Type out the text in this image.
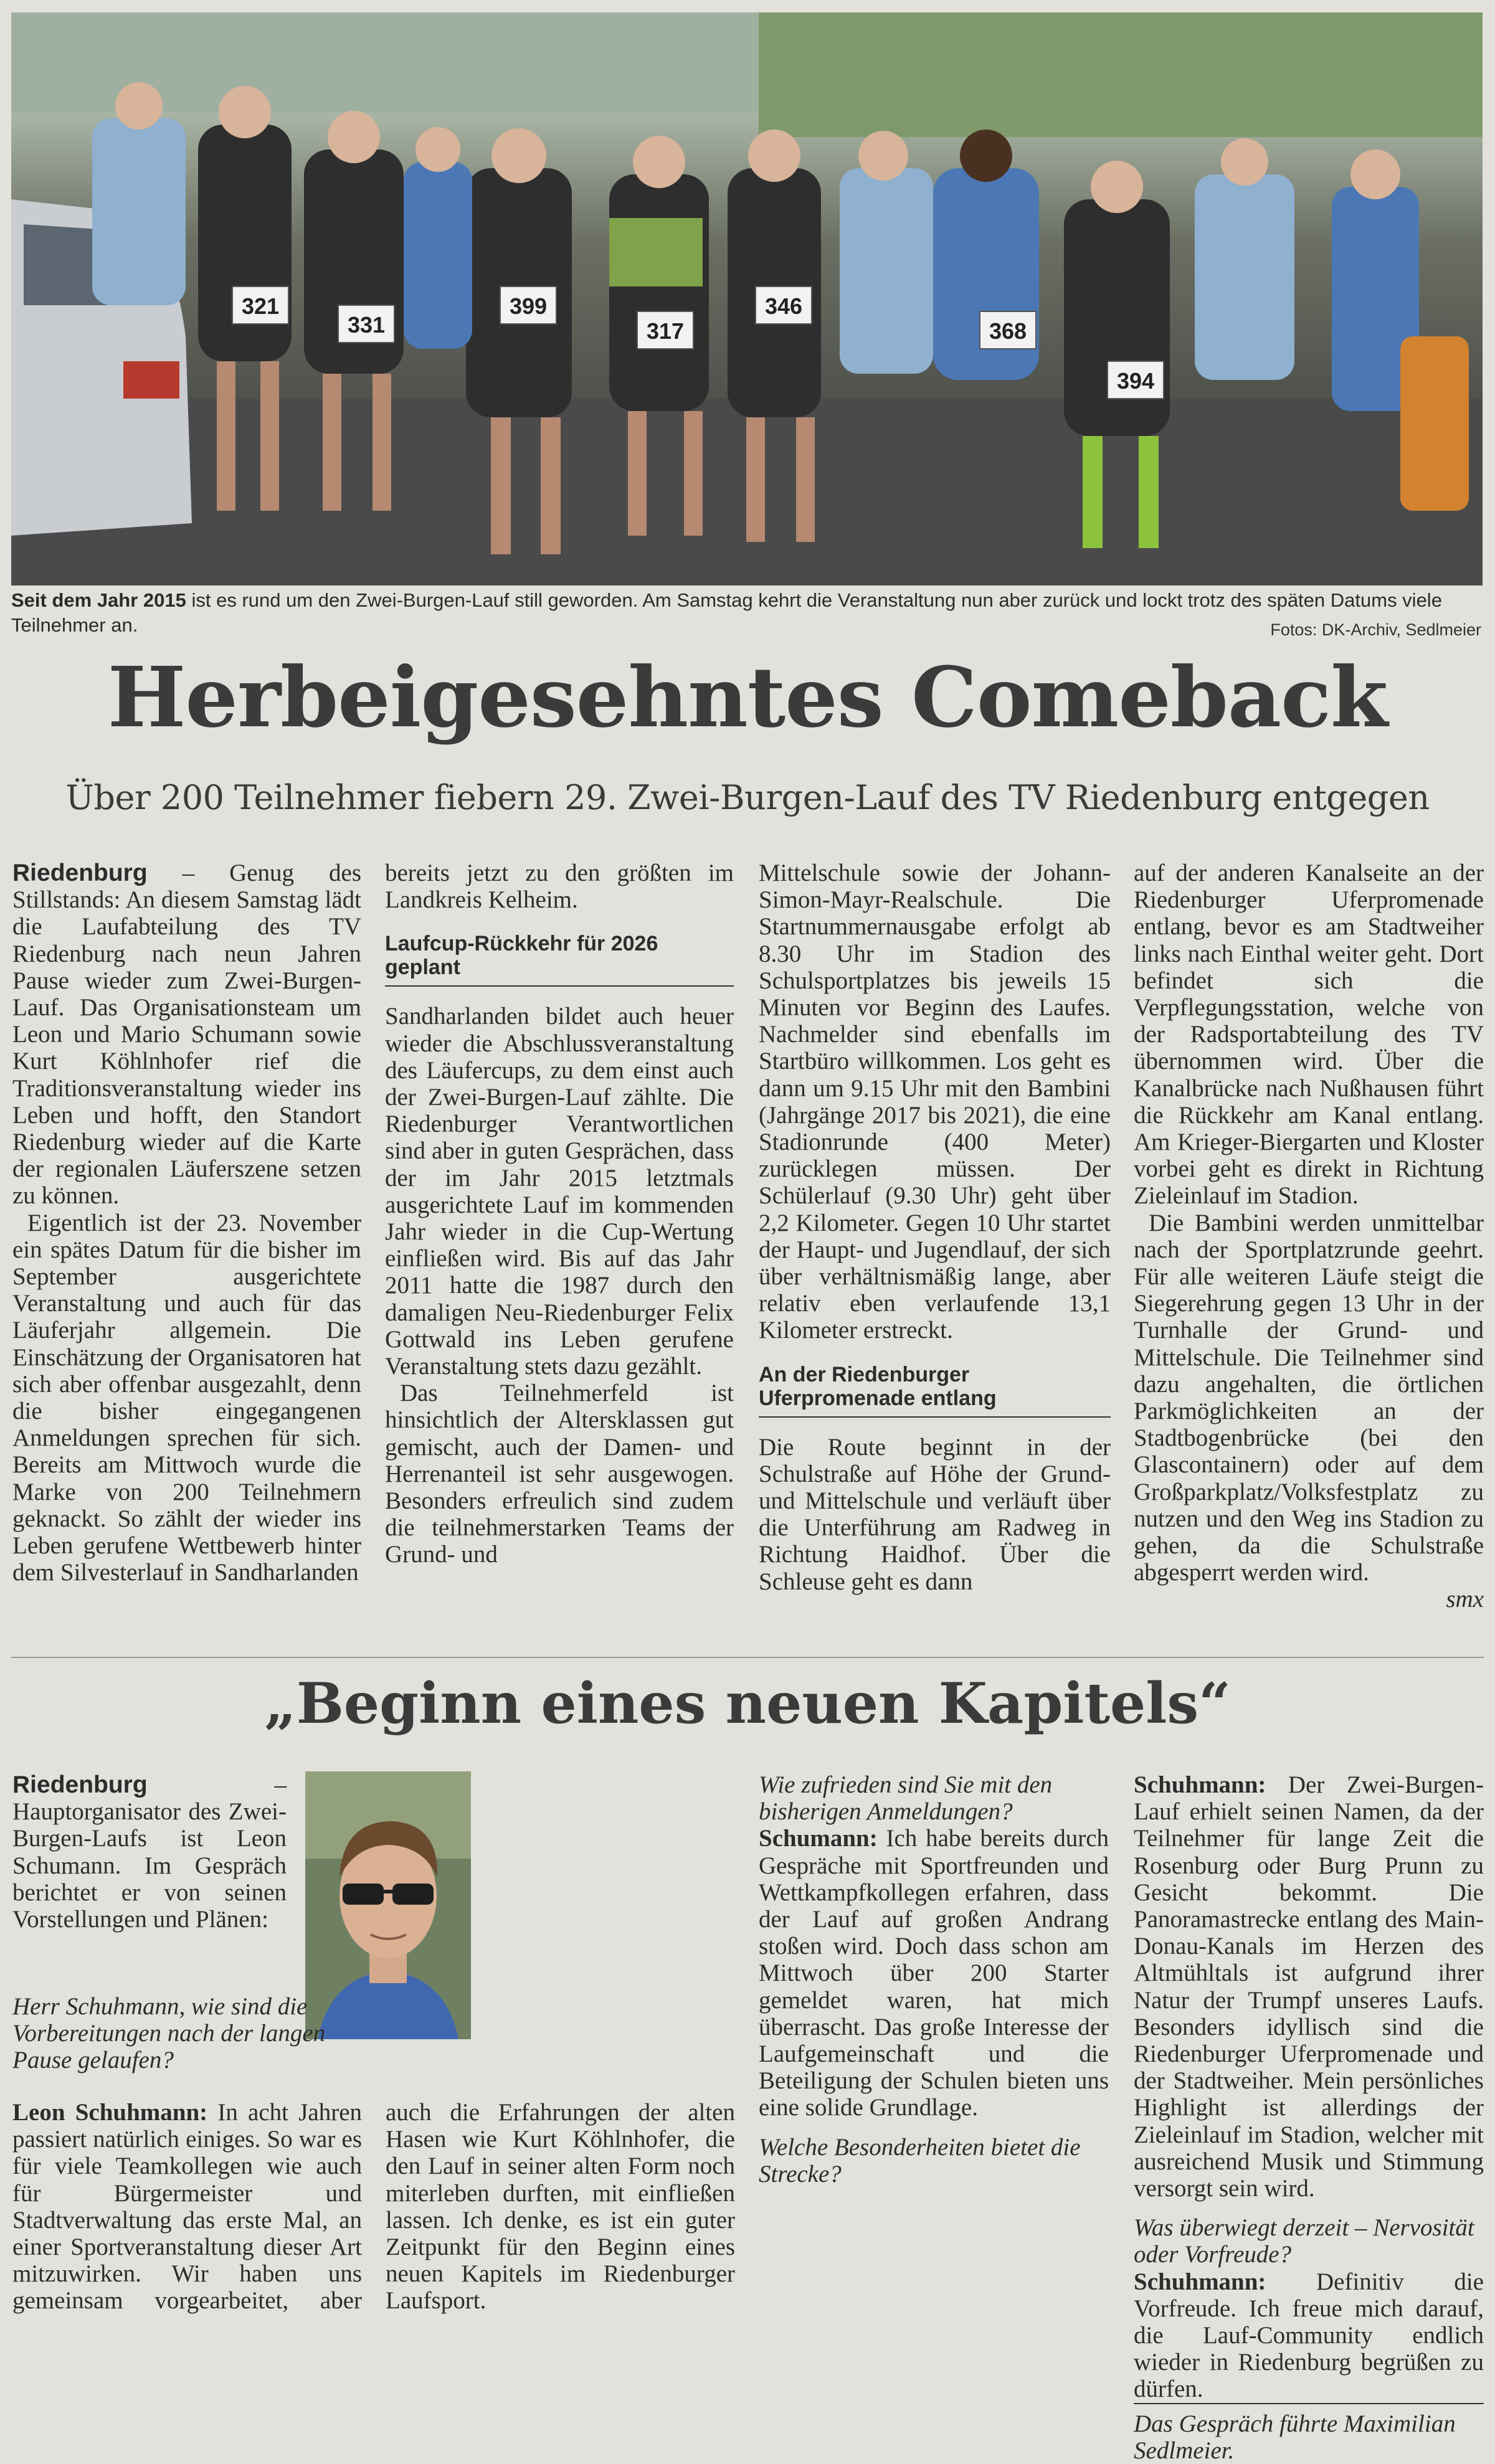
321
331
399
317
346
368
394
Seit dem Jahr 2015 ist es rund um den Zwei-Burgen-Lauf still geworden. Am Samstag kehrt die Veranstaltung nun aber zurück und lockt trotz des späten Datums viele Teilnehmer an.	Fotos: DK-Archiv, Sedlmeier
Herbeigesehntes Comeback
Über 200 Teilnehmer fiebern 29. Zwei-Burgen-Lauf des TV Riedenburg entgegen

Riedenburg – Genug des Stillstands: An diesem Samstag lädt die Laufabteilung des TV Riedenburg nach neun Jahren Pause wieder zum Zwei-Burgen-Lauf. Das Organisationsteam um Leon und Mario Schumann sowie Kurt Köhlnhofer rief die Traditionsveranstaltung wieder ins Leben und hofft, den Standort Riedenburg wieder auf die Karte der regionalen Läuferszene setzen zu können.

Eigentlich ist der 23. November ein spätes Datum für die bisher im September ausgerichtete Veranstaltung und auch für das Läuferjahr allgemein. Die Einschätzung der Organisatoren hat sich aber offenbar ausgezahlt, denn die bisher eingegangenen Anmeldungen sprechen für sich. Bereits am Mittwoch wurde die Marke von 200 Teilnehmern geknackt. So zählt der wieder ins Leben gerufene Wettbewerb hinter dem Silvesterlauf in Sandharlanden

bereits jetzt zu den größten im Landkreis Kelheim.

Laufcup-Rückkehr für 2026 geplant

Sandharlanden bildet auch heuer wieder die Abschlussveranstaltung des Läufercups, zu dem einst auch der Zwei-Burgen-Lauf zählte. Die Riedenburger Verantwortlichen sind aber in guten Gesprächen, dass der im Jahr 2015 letztmals ausgerichtete Lauf im kommenden Jahr wieder in die Cup-Wertung einfließen wird. Bis auf das Jahr 2011 hatte die 1987 durch den damaligen Neu-Riedenburger Felix Gottwald ins Leben gerufene Veranstaltung stets dazu gezählt.

Das Teilnehmerfeld ist hinsichtlich der Altersklassen gut gemischt, auch der Damen- und Herrenanteil ist sehr ausgewogen. Besonders erfreulich sind zudem die teilnehmerstarken Teams der Grund- und

Mittelschule sowie der Johann-Simon-Mayr-Realschule. Die Startnummernausgabe erfolgt ab 8.30 Uhr im Stadion des Schulsportplatzes bis jeweils 15 Minuten vor Beginn des Laufes. Nachmelder sind ebenfalls im Startbüro willkommen. Los geht es dann um 9.15 Uhr mit den Bambini (Jahrgänge 2017 bis 2021), die eine Stadionrunde (400 Meter) zurücklegen müssen. Der Schülerlauf (9.30 Uhr) geht über 2,2 Kilometer. Gegen 10 Uhr startet der Haupt- und Jugendlauf, der sich über verhältnismäßig lange, aber relativ eben verlaufende 13,1 Kilometer erstreckt.

An der Riedenburger Uferpromenade entlang

Die Route beginnt in der Schulstraße auf Höhe der Grund- und Mittelschule und verläuft über die Unterführung am Radweg in Richtung Haidhof. Über die Schleuse geht es dann

auf der anderen Kanalseite an der Riedenburger Uferpromenade entlang, bevor es am Stadtweiher links nach Einthal weiter geht. Dort befindet sich die Verpflegungsstation, welche von der Radsportabteilung des TV übernommen wird. Über die Kanalbrücke nach Nußhausen führt die Rückkehr am Kanal entlang. Am Krieger-Biergarten und Kloster vorbei geht es direkt in Richtung Zieleinlauf im Stadion.

Die Bambini werden unmittelbar nach der Sportplatzrunde geehrt. Für alle weiteren Läufe steigt die Siegerehrung gegen 13 Uhr in der Turnhalle der Grund- und Mittelschule. Die Teilnehmer sind dazu angehalten, die örtlichen Parkmöglichkeiten an der Stadtbogenbrücke (bei den Glascontainern) oder auf dem Großparkplatz/Volksfestplatz zu nutzen und den Weg ins Stadion zu gehen, da die Schulstraße abgesperrt werden wird.

smx

„Beginn eines neuen Kapitels“

Riedenburg – Hauptorganisator des Zwei-Burgen-Laufs ist Leon Schumann. Im Gespräch berichtet er von seinen Vorstellungen und Plänen:

Herr Schuhmann, wie sind die Vorbereitungen nach der langen Pause gelaufen?

Leon Schuhmann: In acht Jahren passiert natürlich einiges. So war es für viele Teamkollegen wie auch für Bürgermeister und Stadtverwaltung das erste Mal, an einer Sportveranstaltung dieser Art mitzuwirken. Wir haben uns gemeinsam vorgearbeitet, aber auch die Erfahrungen der alten Hasen wie Kurt Köhlnhofer, die den Lauf in seiner alten Form noch miterleben durften, mit einfließen lassen. Ich denke, es ist ein guter Zeitpunkt für den Beginn eines neuen Kapitels im Riedenburger Laufsport.

Wie zufrieden sind Sie mit den bisherigen Anmeldungen?

Schumann: Ich habe bereits durch Gespräche mit Sportfreunden und Wettkampfkollegen erfahren, dass der Lauf auf großen Andrang stoßen wird. Doch dass schon am Mittwoch über 200 Starter gemeldet waren, hat mich überrascht. Das große Interesse der Laufgemeinschaft und die Beteiligung der Schulen bieten uns eine solide Grundlage.

Welche Besonderheiten bietet die Strecke?

Schuhmann: Der Zwei-Burgen-Lauf erhielt seinen Namen, da der Teilnehmer für lange Zeit die Rosenburg oder Burg Prunn zu Gesicht bekommt. Die Panoramastrecke entlang des Main-Donau-Kanals im Herzen des Altmühltals ist aufgrund ihrer Natur der Trumpf unseres Laufs. Besonders idyllisch sind die Riedenburger Uferpromenade und der Stadtweiher. Mein persönliches Highlight ist allerdings der Zieleinlauf im Stadion, welcher mit ausreichend Musik und Stimmung versorgt sein wird.

Was überwiegt derzeit – Nervosität oder Vorfreude?

Schuhmann: Definitiv die Vorfreude. Ich freue mich darauf, die Lauf-Community endlich wieder in Riedenburg begrüßen zu dürfen.

Das Gespräch führte Maximilian Sedlmeier.
